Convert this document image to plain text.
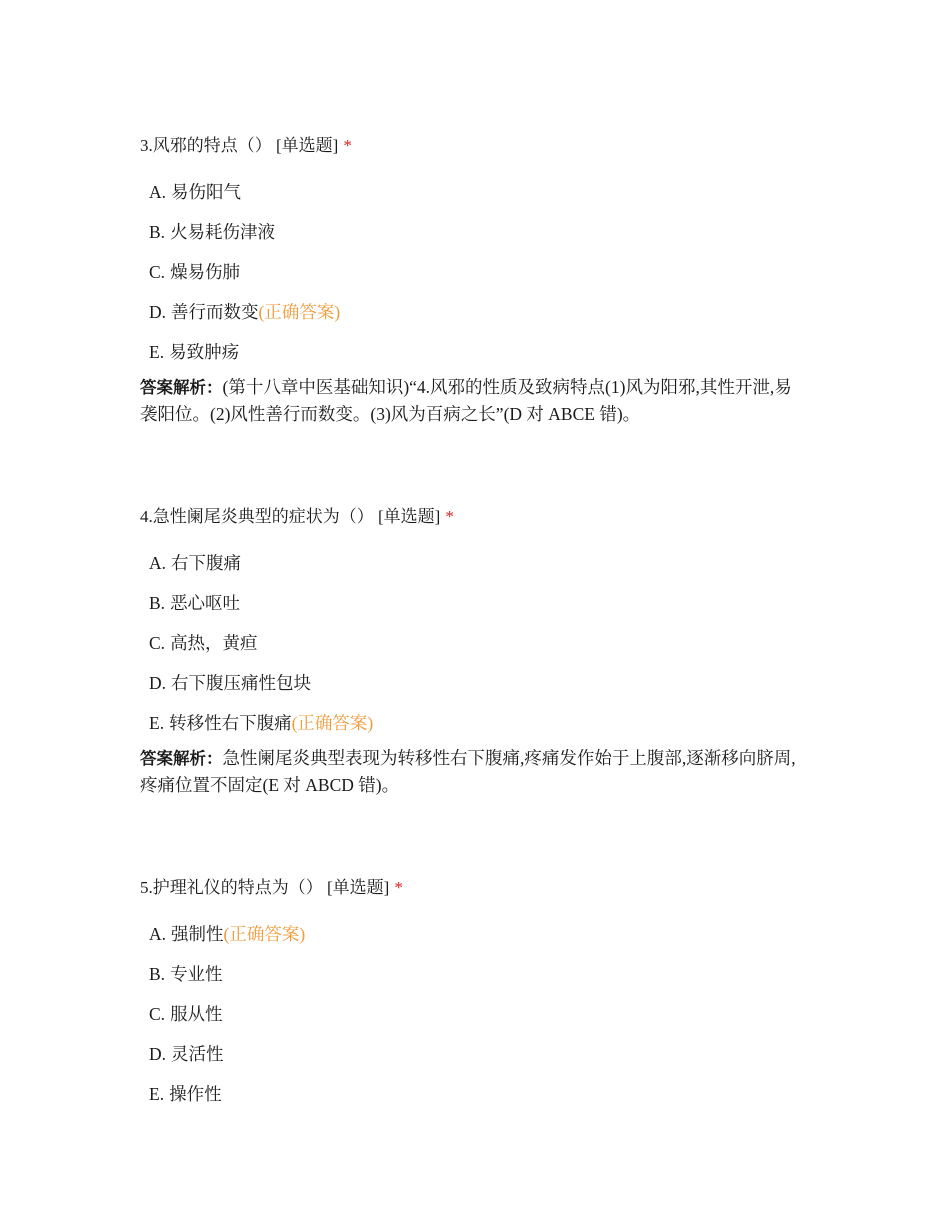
3.风邪的特点（） [单选题] *
A. 易伤阳气
B. 火易耗伤津液
C. 燥易伤肺
D. 善行而数变(正确答案)
E. 易致肿疡
答案解析：(第十八章中医基础知识)“4.风邪的性质及致病特点(1)风为阳邪,其性开泄,易袭阳位。(2)风性善行而数变。(3)风为百病之长”(D 对 ABCE 错)。
4.急性阑尾炎典型的症状为（） [单选题] *
A. 右下腹痛
B. 恶心呕吐
C. 高热，黄疸
D. 右下腹压痛性包块
E. 转移性右下腹痛(正确答案)
答案解析：急性阑尾炎典型表现为转移性右下腹痛,疼痛发作始于上腹部,逐渐移向脐周,疼痛位置不固定(E 对 ABCD 错)。
5.护理礼仪的特点为（） [单选题] *
A. 强制性(正确答案)
B. 专业性
C. 服从性
D. 灵活性
E. 操作性
